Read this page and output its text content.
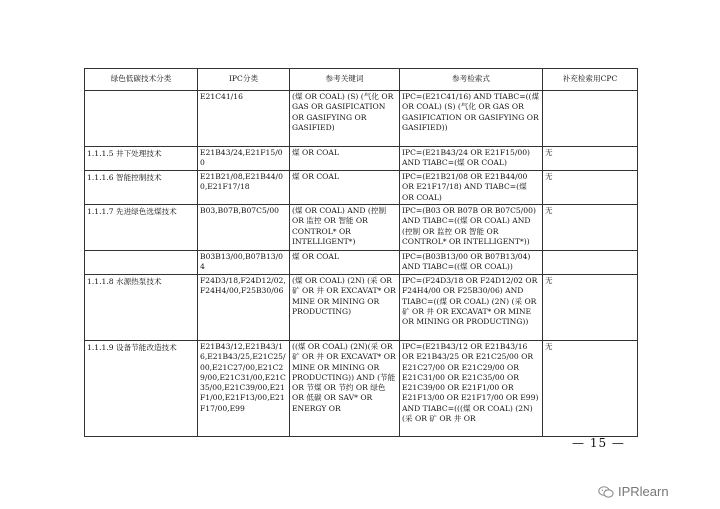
绿色低碳技术分类	IPC分类	参考关键词	参考检索式	补充检索用CPC
	E21C41/16	(煤 OR COAL) (S) (气化 OR GAS OR GASIFICATION OR GASIFYING OR GASIFIED)	IPC=(E21C41/16) AND TIABC=((煤 OR COAL) (S) (气化 OR GAS OR GASIFICATION OR GASIFYING OR GASIFIED))	
1.1.1.5 井下处理技术	E21B43/24,E21F15/00	煤 OR COAL	IPC=(E21B43/24 OR E21F15/00) AND TIABC=(煤 OR COAL)	无
1.1.1.6 智能控制技术	E21B21/08,E21B44/00,E21F17/18	煤 OR COAL	IPC=(E21B21/08 OR E21B44/00 OR E21F17/18) AND TIABC=(煤 OR COAL)	无
1.1.1.7 先进绿色选煤技术	B03,B07B,B07C5/00	(煤 OR COAL) AND (控制 OR 监控 OR 智能 OR CONTROL* OR INTELLIGENT*)	IPC=(B03 OR B07B OR B07C5/00) AND TIABC=((煤 OR COAL) AND (控制 OR 监控 OR 智能 OR CONTROL* OR INTELLIGENT*))	无
	B03B13/00,B07B13/04	煤 OR COAL	IPC=(B03B13/00 OR B07B13/04) AND TIABC=((煤 OR COAL))	
1.1.1.8 水源热泵技术	F24D3/18,F24D12/02,F24H4/00,F25B30/06	(煤 OR COAL) (2N) (采 OR 矿 OR 井 OR EXCAVAT* OR MINE OR MINING OR PRODUCTING)	IPC=(F24D3/18 OR F24D12/02 OR F24H4/00 OR F25B30/06) AND TIABC=((煤 OR COAL) (2N) (采 OR 矿 OR 井 OR EXCAVAT* OR MINE OR MINING OR PRODUCTING))	无
1.1.1.9 设备节能改造技术	E21B43/12,E21B43/16,E21B43/25,E21C25/00,E21C27/00,E21C29/00,E21C31/00,E21C35/00,E21C39/00,E21F1/00,E21F13/00,E21F17/00,E99	((煤 OR COAL) (2N)(采 OR 矿 OR 井 OR EXCAVAT* OR MINE OR MINING OR PRODUCTING)) AND (节能 OR 节煤 OR 节约 OR 绿色 OR 低碳 OR SAV* OR ENERGY OR	IPC=(E21B43/12 OR E21B43/16 OR E21B43/25 OR E21C25/00 OR E21C27/00 OR E21C29/00 OR E21C31/00 OR E21C35/00 OR E21C39/00 OR E21F1/00 OR E21F13/00 OR E21F17/00 OR E99) AND TIABC=(((煤 OR COAL) (2N)(采 OR 矿 OR 井 OR	无
— 15 —
IPRlearn
